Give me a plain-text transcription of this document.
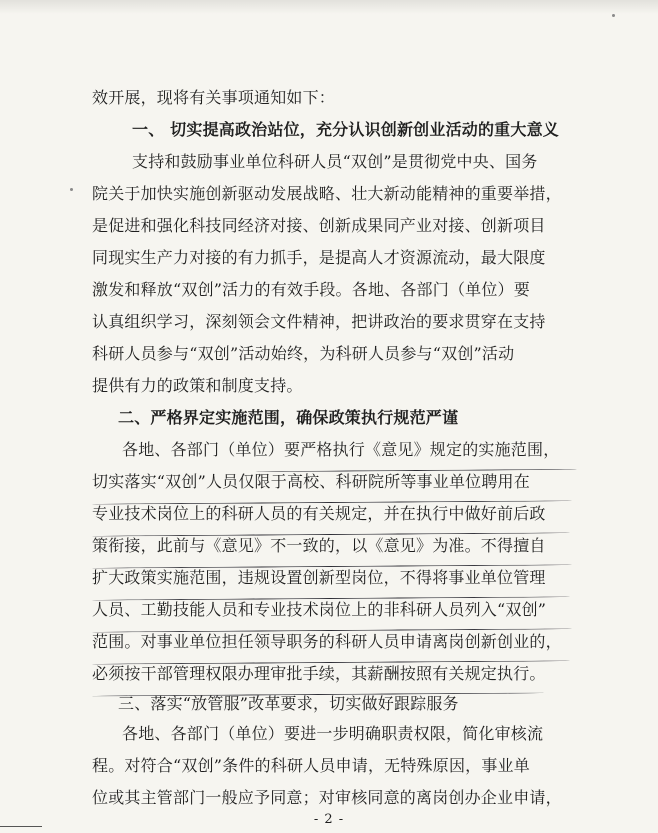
- 2 -
效开展，现将有关事项通知如下：
一、 切实提高政治站位，充分认识创新创业活动的重大意义
支持和鼓励事业单位科研人员“双创”是贯彻党中央、国务
院关于加快实施创新驱动发展战略、壮大新动能精神的重要举措，
是促进和强化科技同经济对接、创新成果同产业对接、创新项目
同现实生产力对接的有力抓手，是提高人才资源流动，最大限度
激发和释放“双创”活力的有效手段。各地、各部门（单位）要
认真组织学习，深刻领会文件精神，把讲政治的要求贯穿在支持
科研人员参与“双创”活动始终，为科研人员参与“双创”活动
提供有力的政策和制度支持。
二、严格界定实施范围，确保政策执行规范严谨
各地、各部门（单位）要严格执行《意见》规定的实施范围，
切实落实“双创”人员仅限于高校、科研院所等事业单位聘用在
专业技术岗位上的科研人员的有关规定，并在执行中做好前后政
策衔接，此前与《意见》不一致的，以《意见》为准。不得擅自
扩大政策实施范围，违规设置创新型岗位，不得将事业单位管理
人员、工勤技能人员和专业技术岗位上的非科研人员列入“双创”
范围。对事业单位担任领导职务的科研人员申请离岗创新创业的，
必须按干部管理权限办理审批手续，其薪酬按照有关规定执行。
三、落实“放管服”改革要求，切实做好跟踪服务
各地、各部门（单位）要进一步明确职责权限，简化审核流
程。对符合“双创”条件的科研人员申请，无特殊原因，事业单
位或其主管部门一般应予同意；对审核同意的离岗创办企业申请，
